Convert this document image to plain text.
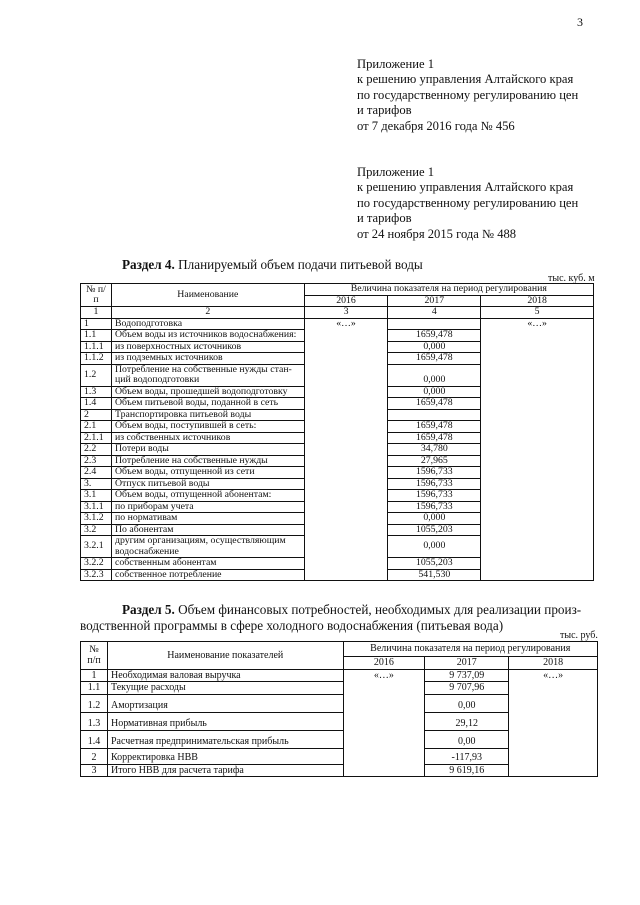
3
Приложение 1
к решению управления Алтайского края
по государственному регулированию цен
и тарифов
от 7 декабря 2016 года № 456
Приложение 1
к решению управления Алтайского края
по государственному регулированию цен
и тарифов
от 24 ноября 2015 года № 488
Раздел 4. Планируемый объем подачи питьевой воды
тыс. куб. м
№ п/п	Наименование	Величина показателя на период регулирования		
		2016	2017	2018
1	2	3	4	5
1	Водоподготовка	«…»		«…»
1.1	Объем воды из источников водоснабжения:		1659,478	
1.1.1	из поверхностных источников		0,000	
1.1.2	из подземных источников		1659,478	
1.2	Потребление на собственные нужды стан-ций водоподготовки		0,000	
1.3	Объем воды, прошедшей водоподготовку		0,000	
1.4	Объем питьевой воды, поданной в сеть		1659,478	
2	Транспортировка питьевой воды			
2.1	Объем воды, поступившей в сеть:		1659,478	
2.1.1	из собственных источников		1659,478	
2.2	Потери воды		34,780	
2.3	Потребление на собственные нужды		27,965	
2.4	Объем воды, отпущенной из сети		1596,733	
3.	Отпуск питьевой воды		1596,733	
3.1	Объем воды, отпущенной абонентам:		1596,733	
3.1.1	по приборам учета		1596,733	
3.1.2	по нормативам		0,000	
3.2	По абонентам		1055,203	
3.2.1	другим организациям, осуществляющим водоснабжение		0,000	
3.2.2	собственным абонентам		1055,203	
3.2.3	собственное потребление		541,530	
Раздел 5. Объем финансовых потребностей, необходимых для реализации произ-
водственной программы в сфере холодного водоснабжения (питьевая вода)
тыс. руб.
№ п/п	Наименование показателей	Величина показателя на период регулирования		
		2016	2017	2018
1	Необходимая валовая выручка	«…»	9 737,09	«…»
1.1	Текущие расходы		9 707,96	
1.2	Амортизация		0,00	
1.3	Нормативная прибыль		29,12	
1.4	Расчетная предпринимательская прибыль		0,00	
2	Корректировка НВВ		-117,93	
3	Итого НВВ для расчета тарифа		9 619,16	
